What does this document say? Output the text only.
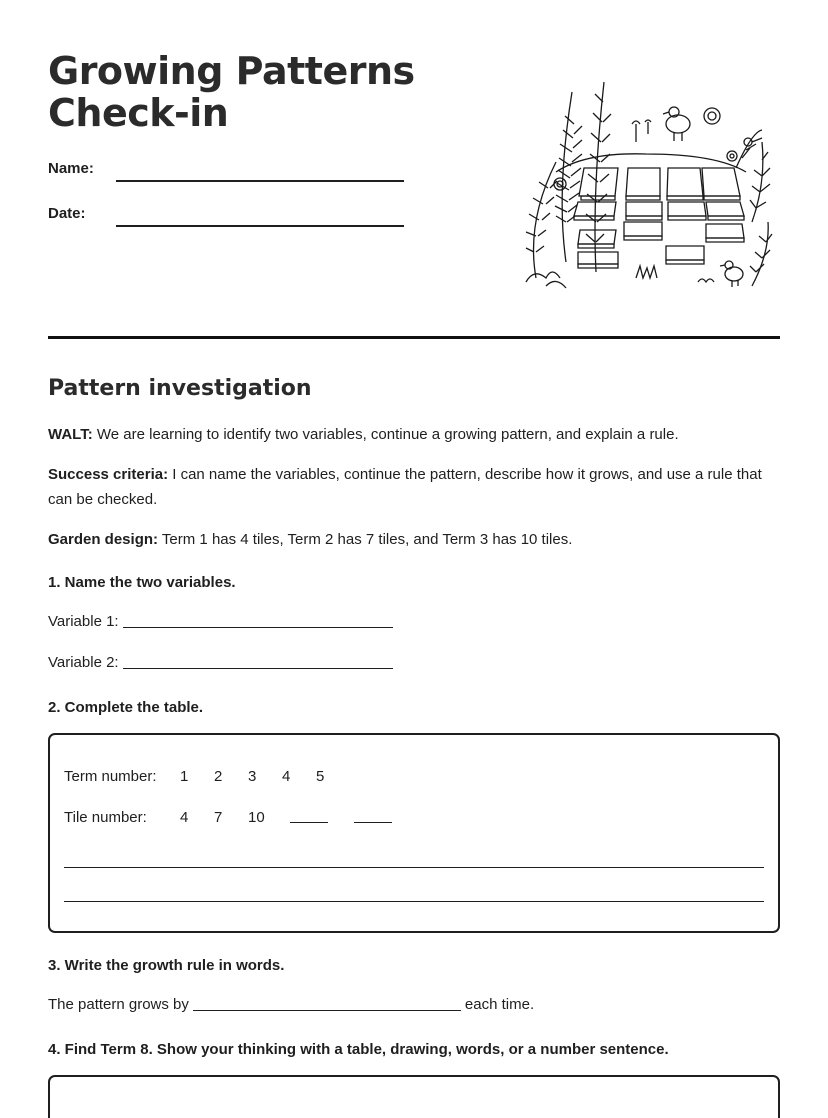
Growing Patterns
Check-in
Name:
Date:
Pattern investigation
WALT: We are learning to identify two variables, continue a growing pattern, and explain a rule.
Success criteria: I can name the variables, continue the pattern, describe how it grows, and use a rule that can be checked.
Garden design: Term 1 has 4 tiles, Term 2 has 7 tiles, and Term 3 has 10 tiles.
1. Name the two variables.
Variable 1:
Variable 2:
2. Complete the table.
Term number:	1	2	3	4	5
Tile number:	4	7	10
3. Write the growth rule in words.
The pattern grows by	each time.
4. Find Term 8. Show your thinking with a table, drawing, words, or a number sentence.
